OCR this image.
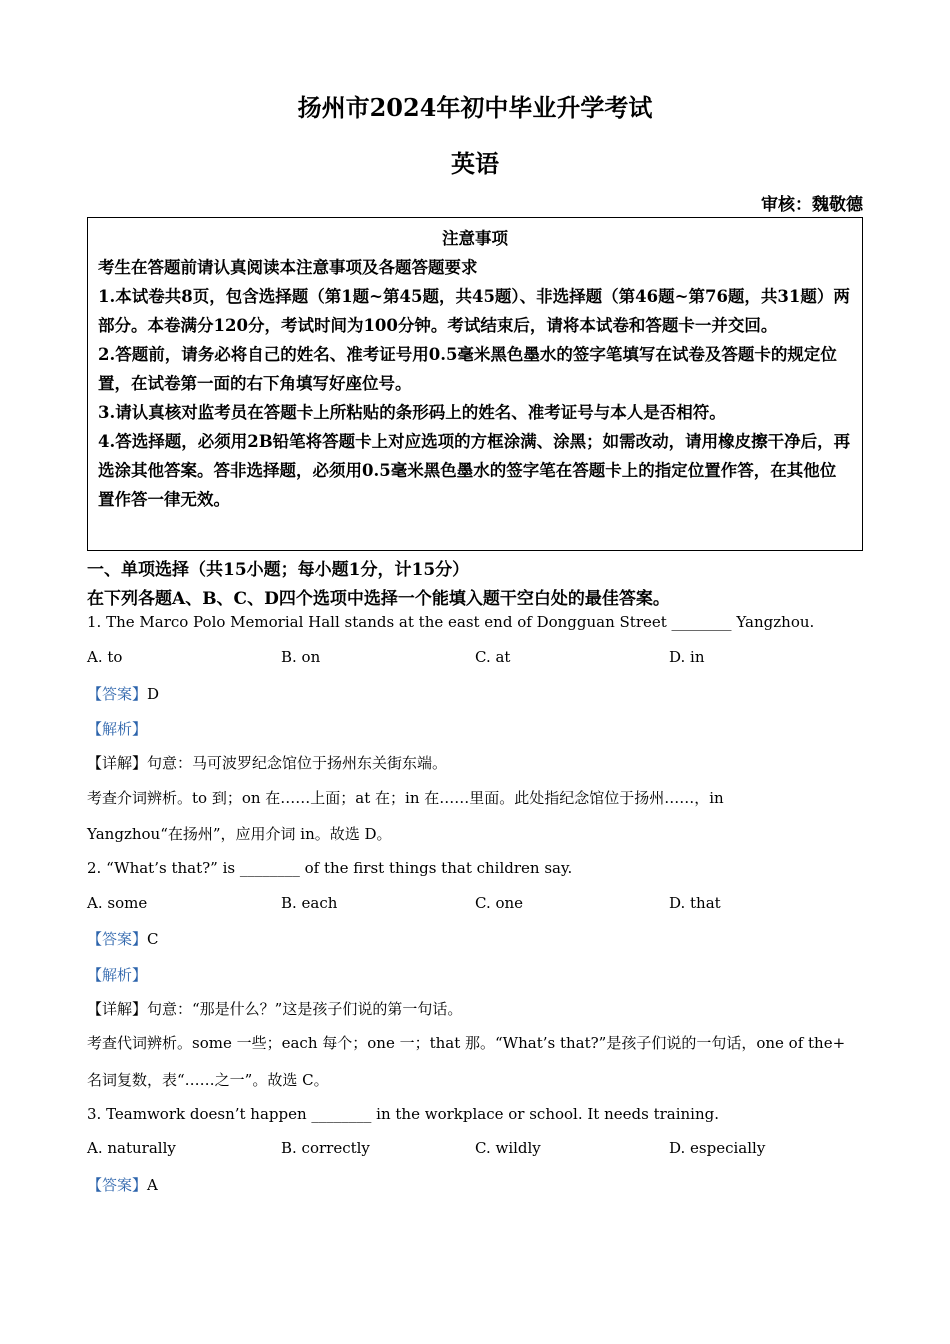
扬州市2024年初中毕业升学考试
英语
审核：魏敬德

注意事项

考生在答题前请认真阅读本注意事项及各题答题要求

1.本试卷共8页，包含选择题（第1题~第45题，共45题）、非选择题（第46题~第76题，共31题）两部分。本卷满分120分，考试时间为100分钟。考试结束后，请将本试卷和答题卡一并交回。

2.答题前，请务必将自己的姓名、准考证号用0.5毫米黑色墨水的签字笔填写在试卷及答题卡的规定位置，在试卷第一面的右下角填写好座位号。

3.请认真核对监考员在答题卡上所粘贴的条形码上的姓名、准考证号与本人是否相符。

4.答选择题，必须用2B铅笔将答题卡上对应选项的方框涂满、涂黑；如需改动，请用橡皮擦干净后，再选涂其他答案。答非选择题，必须用0.5毫米黑色墨水的签字笔在答题卡上的指定位置作答，在其他位置作答一律无效。

一、单项选择（共15小题；每小题1分，计15分）
在下列各题A、B、C、D四个选项中选择一个能填入题干空白处的最佳答案。
1. The Marco Polo Memorial Hall stands at the east end of Dongguan Street ________ Yangzhou.
A. to	B. on	C. at	D. in
【答案】D
【解析】
【详解】句意：马可波罗纪念馆位于扬州东关街东端。
考查介词辨析。to 到；on 在……上面；at 在；in 在……里面。此处指纪念馆位于扬州……，in
Yangzhou“在扬州”，应用介词 in。故选 D。
2. “What’s that?” is ________ of the first things that children say.
A. some	B. each	C. one	D. that
【答案】C
【解析】
【详解】句意：“那是什么？”这是孩子们说的第一句话。
考查代词辨析。some 一些；each 每个；one 一；that 那。“What’s that?”是孩子们说的一句话，one of the+
名词复数，表“……之一”。故选 C。
3. Teamwork doesn’t happen ________ in the workplace or school. It needs training.
A. naturally	B. correctly	C. wildly	D. especially
【答案】A
